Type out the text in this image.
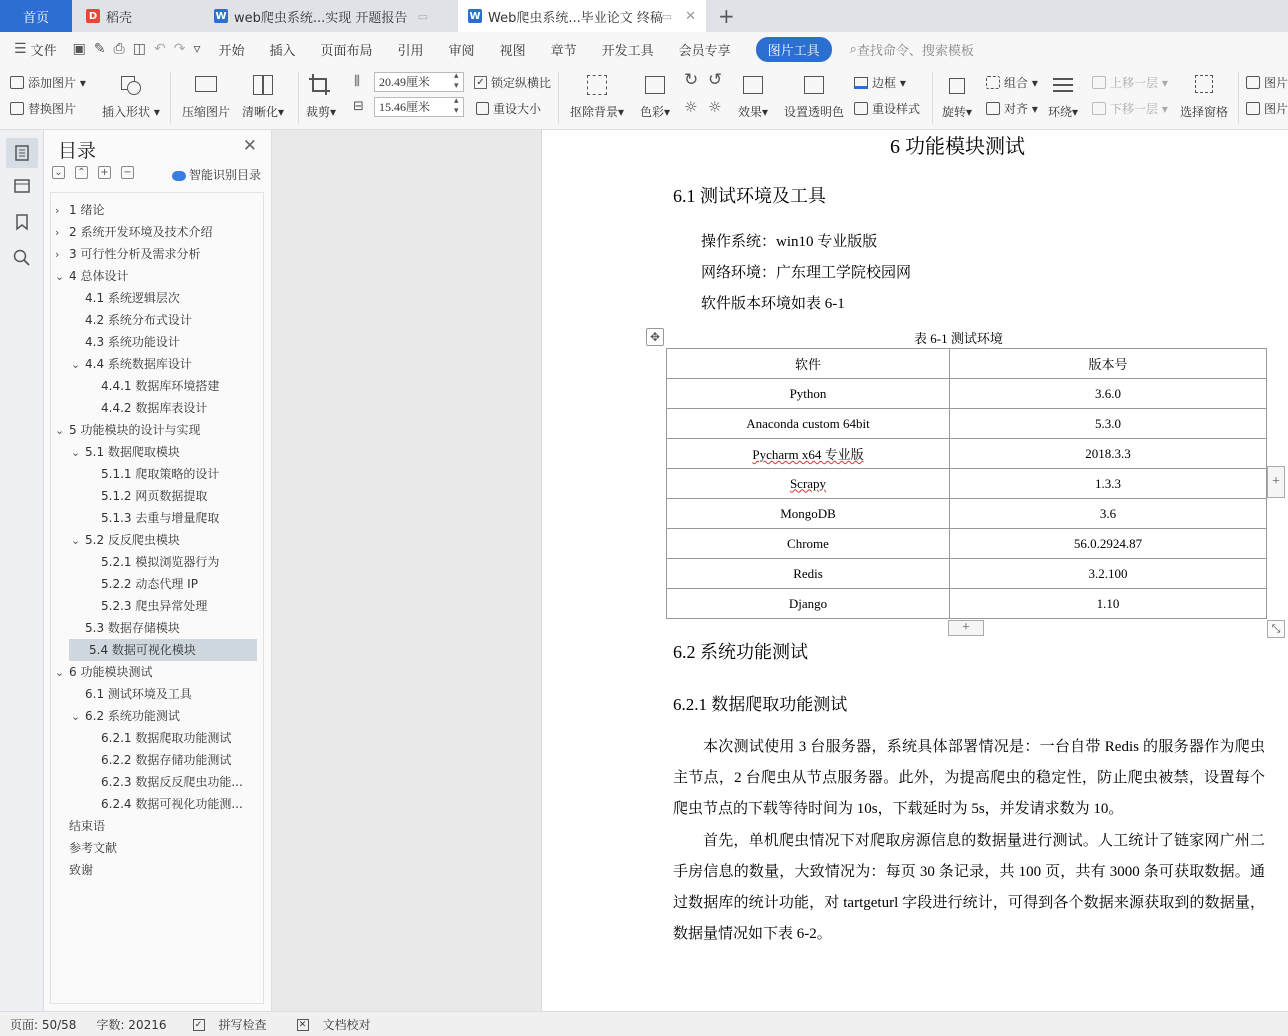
首页	D 稻壳	W web爬虫系统...实现 开题报告 ▭	W Web爬虫系统...毕业论文 终稿
▭ ✕ +
☰ 文件 ▣ ✎ ⎙ ◫ ↶ ↷ ▿ 开始 插入 页面布局 引用 审阅 视图 章节 开发工具 会员专享	图片工具	⌕ 查找命令、搜索模板
添加图片 ▾
替换图片 插入形状 ▾ 压缩图片 清晰化▾ 裁剪▾
⫼	20.49厘米	▴
▾
⊟	15.46厘米	▴
▾
✓ 锁定纵横比
重设大小 抠除背景▾ 色彩▾
↻ ↺
☼ ☼ 效果▾ 设置透明色
边框 ▾
重设样式 旋转▾
组合 ▾
对齐 ▾ 环绕▾
上移一层 ▾
下移一层 ▾ 选择窗格
图片
图片
目录	✕
⌄ ⌃ + −	智能识别目录
› 1 绪论
› 2 系统开发环境及技术介绍
› 3 可行性分析及需求分析
⌄ 4 总体设计
4.1 系统逻辑层次
4.2 系统分布式设计
4.3 系统功能设计
⌄ 4.4 系统数据库设计
4.4.1 数据库环境搭建
4.4.2 数据库表设计
⌄ 5 功能模块的设计与实现
⌄ 5.1 数据爬取模块
5.1.1 爬取策略的设计
5.1.2 网页数据提取
5.1.3 去重与增量爬取
⌄ 5.2 反反爬虫模块
5.2.1 模拟浏览器行为
5.2.2 动态代理 IP
5.2.3 爬虫异常处理
5.3 数据存储模块
5.4 数据可视化模块
⌄ 6 功能模块测试
6.1 测试环境及工具
⌄ 6.2 系统功能测试
6.2.1 数据爬取功能测试
6.2.2 数据存储功能测试
6.2.3 数据反反爬虫功能...
6.2.4 数据可视化功能测...
结束语
参考文献
致谢
6 功能模块测试
6.1 测试环境及工具
操作系统：win10 专业版版
网络环境：广东理工学院校园网
软件版本环境如表 6-1
✥	表 6-1 测试环境
软件	版本号
Python	3.6.0
Anaconda custom 64bit	5.3.0
Pycharm x64 专业版	2018.3.3
Scrapy	1.3.3
MongoDB	3.6
Chrome	56.0.2924.87
Redis	3.2.100
Django	1.10
+
+	⤡
6.2 系统功能测试
6.2.1 数据爬取功能测试
本次测试使用 3 台服务器，系统具体部署情况是：一台自带 Redis 的服务器作为爬虫主节点，2 台爬虫从节点服务器。此外，为提高爬虫的稳定性，防止爬虫被禁，设置每个爬虫节点的下载等待时间为 10s，下载延时为 5s，并发请求数为 10。
首先，单机爬虫情况下对爬取房源信息的数据量进行测试。人工统计了链家网广州二手房信息的数量，大致情况为：每页 30 条记录，共 100 页，共有 3000 条可获取数据。通过数据库的统计功能，对 tartgeturl 字段进行统计，可得到各个数据来源获取到的数据量，数据量情况如下表 6-2。
页面: 50/58 字数: 20216	✓ 拼写检查	✕ 文档校对
